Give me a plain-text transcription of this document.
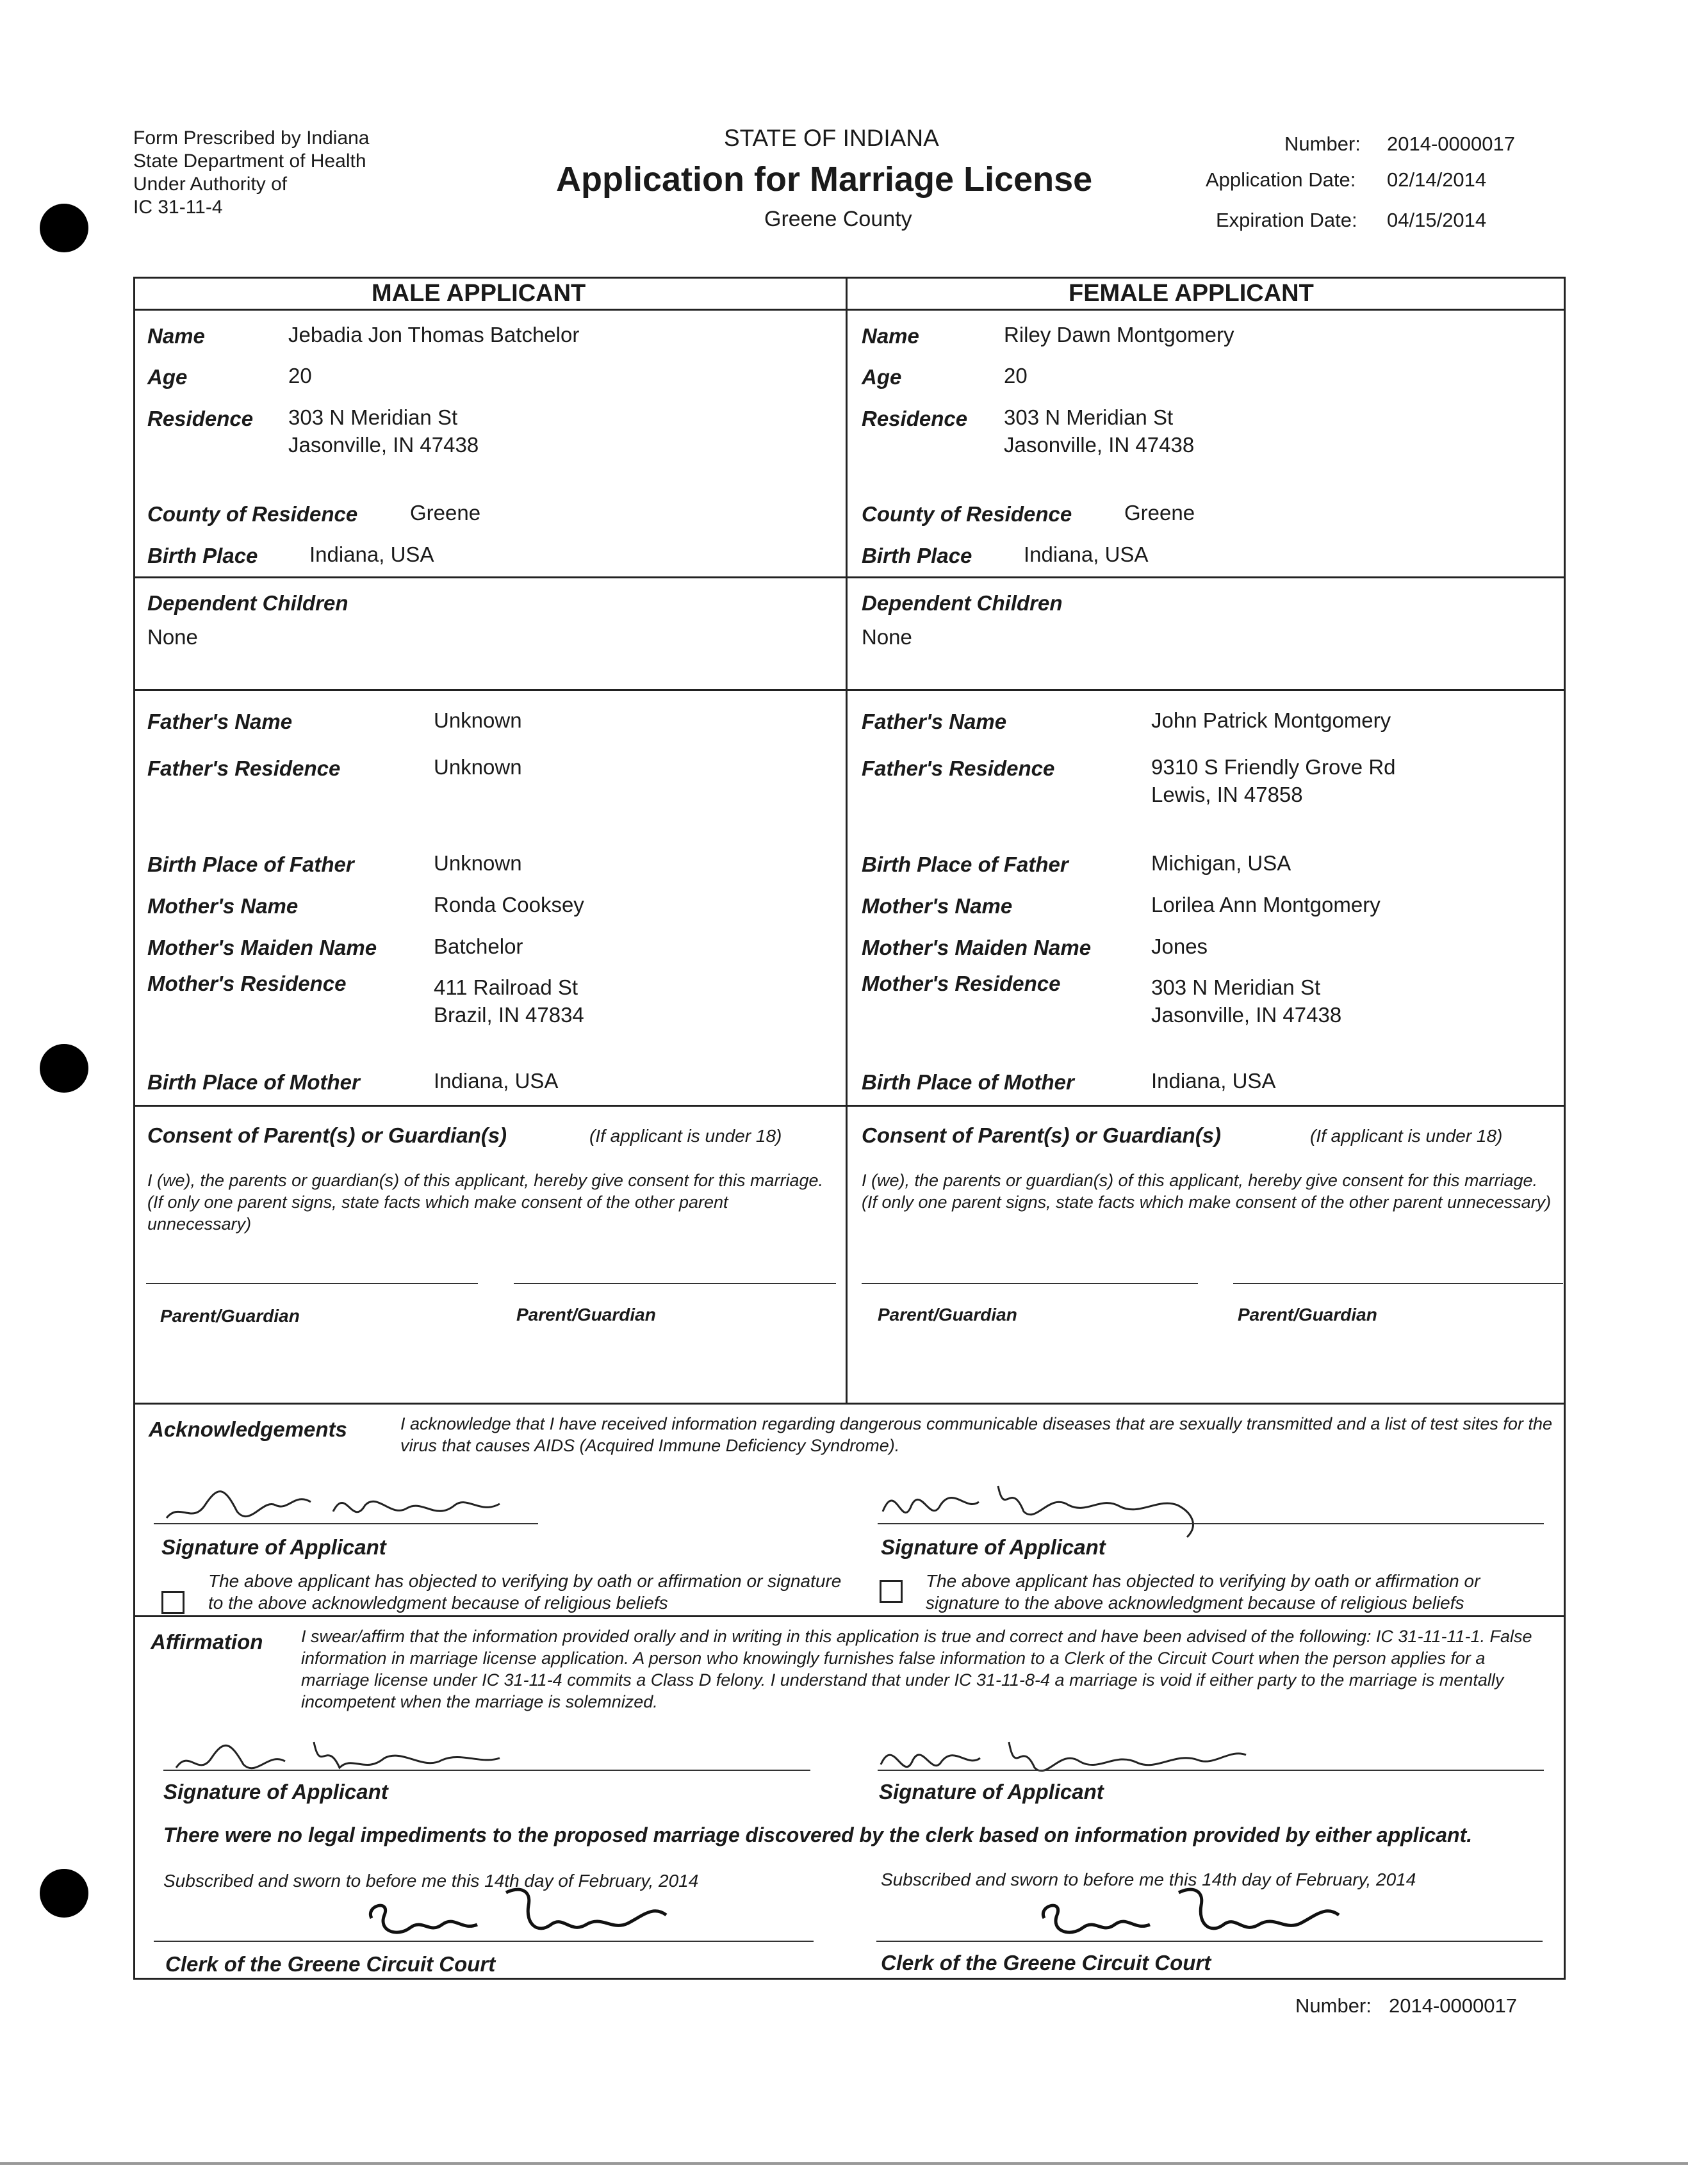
Form Prescribed by Indiana
State Department of Health
Under Authority of
IC 31-11-4
STATE OF INDIANA
Application for Marriage License
Greene County
Number: 2014-0000017
Application Date: 02/14/2014
Expiration Date: 04/15/2014
MALE APPLICANT	FEMALE APPLICANT
Name	Jebadia Jon Thomas Batchelor
Age	20
Residence 303 N Meridian St
Jasonville, IN 47438
County of Residence Greene
Birth Place Indiana, USA
Dependent Children
None
Father's Name	Unknown
Father's Residence	Unknown
Birth Place of Father	Unknown
Mother's Name	Ronda Cooksey
Mother's Maiden Name	Batchelor
Mother's Residence	411 Railroad St
Brazil, IN 47834
Birth Place of Mother	Indiana, USA
Consent of Parent(s) or Guardian(s)	(If applicant is under 18)
I (we), the parents or guardian(s) of this applicant, hereby give consent for this marriage. (If only one parent signs, state facts which make consent of the other parent unnecessary)
Parent/Guardian	Parent/Guardian
Name	Riley Dawn Montgomery
Age	20
Residence 303 N Meridian St
Jasonville, IN 47438
County of Residence Greene
Birth Place Indiana, USA
Dependent Children
None
Father's Name	John Patrick Montgomery
Father's Residence	9310 S Friendly Grove Rd
Lewis, IN 47858
Birth Place of Father	Michigan, USA
Mother's Name	Lorilea Ann Montgomery
Mother's Maiden Name	Jones
Mother's Residence	303 N Meridian St
Jasonville, IN 47438
Birth Place of Mother	Indiana, USA
Consent of Parent(s) or Guardian(s)	(If applicant is under 18)
I (we), the parents or guardian(s) of this applicant, hereby give consent for this marriage. (If only one parent signs, state facts which make consent of the other parent unnecessary)
Parent/Guardian	Parent/Guardian
Acknowledgements	I acknowledge that I have received information regarding dangerous communicable diseases that are sexually transmitted and a list of test sites for the virus that causes AIDS (Acquired Immune Deficiency Syndrome).
Signature of Applicant
The above applicant has objected to verifying by oath or affirmation or signature to the above acknowledgment because of religious beliefs
Signature of Applicant
The above applicant has objected to verifying by oath or affirmation or signature to the above acknowledgment because of religious beliefs
Affirmation I swear/affirm that the information provided orally and in writing in this application is true and correct and have been advised of the following: IC 31-11-11-1. False information in marriage license application. A person who knowingly furnishes false information to a Clerk of the Circuit Court when the person applies for a marriage license under IC 31-11-4 commits a Class D felony. I understand that under IC 31-11-8-4 a marriage is void if either party to the marriage is mentally incompetent when the marriage is solemnized.
Signature of Applicant	Signature of Applicant
There were no legal impediments to the proposed marriage discovered by the clerk based on information provided by either applicant.
Subscribed and sworn to before me this 14th day of February, 2014
Clerk of the Greene Circuit Court
Subscribed and sworn to before me this 14th day of February, 2014
Clerk of the Greene Circuit Court
Number: 2014-0000017
